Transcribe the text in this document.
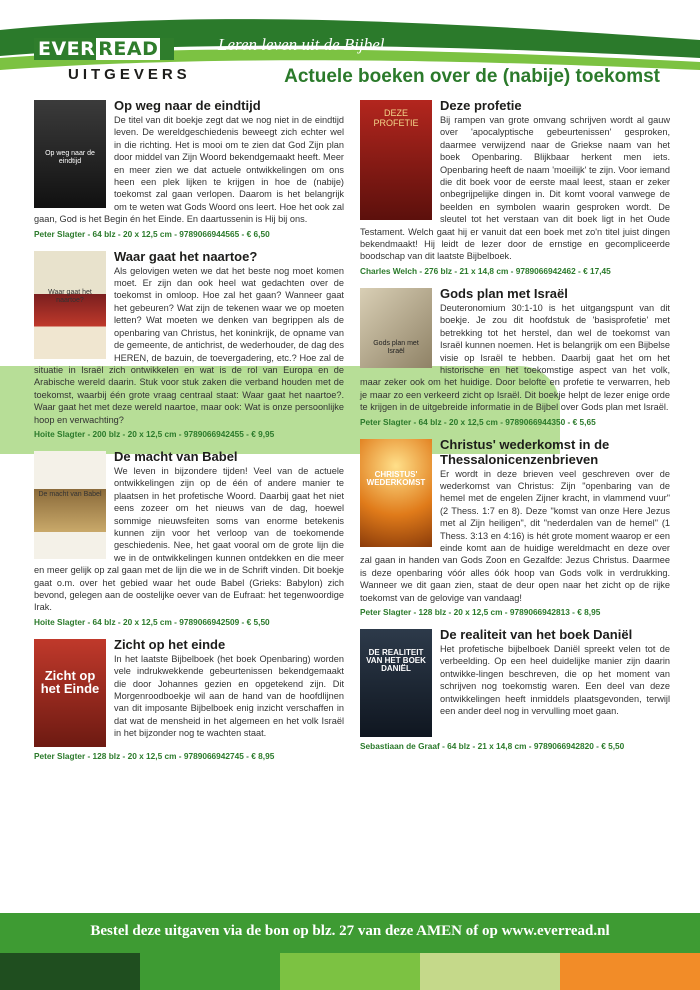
EVER READ
UITGEVERS
Leren leven uit de Bijbel
Actuele boeken over de (nabije) toekomst
Op weg naar de eindtijd
Op weg naar de eindtijd

De titel van dit boekje zegt dat we nog niet in de eindtijd leven. De wereldgeschiedenis beweegt zich echter wel in die richting. Het is mooi om te zien dat God Zijn plan door middel van Zijn Woord bekendgemaakt heeft. Meer en meer zien we dat actuele ontwikkelingen om ons heen een plek lijken te krijgen in hoe de (nabije) toekomst zal gaan verlopen. Daarom is het belangrijk om te weten wat Gods Woord ons leert. Hoe het ook zal gaan, God is het Begin én het Einde. En daartussenin is Hij bij ons.

Peter Slagter - 64 blz - 20 x 12,5 cm - 9789066944565 - € 6,50
Waar gaat het naartoe?
Waar gaat het naartoe?

Als gelovigen weten we dat het beste nog moet komen moet. Er zijn dan ook heel wat gedachten over de toekomst in omloop. Hoe zal het gaan? Wanneer gaat het gebeuren? Wat zijn de tekenen waar we op moeten letten? Wat moeten we denken van begrippen als de openbaring van Christus, het koninkrijk, de opname van de gemeente, de antichrist, de wederhouder, de dag des HEREN, de bazuin, de toevergadering, etc.? Hoe zal de situatie in Israël zich ontwikkelen en wat is de rol van Europa en de Arabische wereld daarin. Stuk voor stuk zaken die verband houden met de toekomst, waarbij één grote vraag centraal staat: Waar gaat het naartoe?. Waar gaat het met deze wereld naartoe, maar ook: Wat is onze persoonlijke hoop en verwachting?

Hoite Slagter - 200 blz - 20 x 12,5 cm - 9789066942455 - € 9,95
De macht van Babel
De macht van Babel

We leven in bijzondere tijden! Veel van de actuele ontwikkelingen zijn op de één of andere manier te plaatsen in het profetische Woord. Daarbij gaat het niet eens zozeer om het nieuws van de dag, hoewel sommige nieuwsfeiten soms van enorme betekenis kunnen zijn voor het verloop van de toekomende geschiedenis. Nee, het gaat vooral om de grote lijn die we in de ontwikkelingen kunnen ontdekken en die meer en meer gelijk op zal gaan met de lijn die we in de Schrift vinden. Dit boekje gaat o.m. over het gebied waar het oude Babel (Grieks: Babylon) zich bevond, gelegen aan de oostelijke oever van de Eufraat: het tegenwoordige Irak.

Hoite Slagter - 64 blz - 20 x 12,5 cm - 9789066942509 - € 5,50
Zicht op het Einde
Zicht op het einde

In het laatste Bijbelboek (het boek Openbaring) worden vele indrukwekkende gebeurtenissen bekendgemaakt die door Johannes gezien en opgetekend zijn. Dit Morgenroodboekje wil aan de hand van de hoofdlijnen van dit imposante Bijbelboek enig inzicht verschaffen in dat wat de mensheid in het algemeen en het volk Israël in het bijzonder nog te wachten staat.

Peter Slagter - 128 blz - 20 x 12,5 cm - 9789066942745 - € 8,95
DEZE PROFETIE
Deze profetie

Bij rampen van grote omvang schrijven wordt al gauw over 'apocalyptische gebeurtenissen' gesproken, daarmee verwijzend naar de Griekse naam van het boek Openbaring. Blijkbaar herkent men iets. Openbaring heeft de naam 'moeilijk' te zijn. Voor iemand die dit boek voor de eerste maal leest, staan er zeker onbegrijpelijke dingen in. Dit komt vooral vanwege de beelden en symbolen waarin gesproken wordt. De sleutel tot het verstaan van dit boek ligt in het Oude Testament. Welch gaat hij er vanuit dat een boek met zo'n titel juist dingen bekendmaakt! Hij leidt de lezer door de ernstige en gecompliceerde boodschap van dit laatste Bijbelboek.

Charles Welch - 276 blz - 21 x 14,8 cm - 9789066942462 - € 17,45
Gods plan met Israël
Gods plan met Israël

Deuteronomium 30:1-10 is het uitgangspunt van dit boekje. Je zou dit hoofdstuk de 'basisprofetie' met betrekking tot het herstel, dan wel de toekomst van Israël kunnen noemen. Het is belangrijk om een Bijbelse visie op Israël te hebben. Daarbij gaat het om het historische en het toekomstige aspect van het volk, maar zeker ook om het huidige. Door belofte en profetie te verwarren, heb je maar zo een verkeerd zicht op Israël. Dit boekje helpt de lezer enige orde te krijgen in de uitgebreide informatie in de Bijbel over Gods plan met Israël.

Peter Slagter - 64 blz - 20 x 12,5 cm - 9789066944350 - € 5,65
CHRISTUS' WEDERKOMST
Christus' wederkomst in de Thessalonicenzenbrieven

Er wordt in deze brieven veel geschreven over de wederkomst van Christus: Zijn "openbaring van de hemel met de engelen Zijner kracht, in vlammend vuur" (2 Thess. 1:7 en 8). Deze "komst van onze Here Jezus met al Zijn heiligen", dit "nederdalen van de hemel" (1 Thess. 3:13 en 4:16) is hét grote moment waarop er een einde komt aan de huidige wereldmacht en deze over zal gaan in handen van Gods Zoon en Gezalfde: Jezus Christus. Daarmee is deze openbaring vóór alles óók hoop van Gods volk in verdrukking. Wanneer we dit gaan zien, staat de deur open naar het zicht op de rijke toekomst van de gelovige van vandaag!

Peter Slagter - 128 blz - 20 x 12,5 cm - 9789066942813 - € 8,95
DE REALITEIT VAN HET BOEK DANIËL
De realiteit van het boek Daniël

Het profetische bijbelboek Daniël spreekt velen tot de verbeelding. Op een heel duidelijke manier zijn daarin ontwikke-lingen beschreven, die op het moment van schrijven nog toekomstig waren. Een deel van deze ontwikkelingen heeft inmiddels plaatsgevonden, terwijl een ander deel nog in vervulling moet gaan.

Sebastiaan de Graaf - 64 blz - 21 x 14,8 cm - 9789066942820 - € 5,50
Bestel deze uitgaven via de bon op blz. 27 van deze AMEN of op www.everread.nl
